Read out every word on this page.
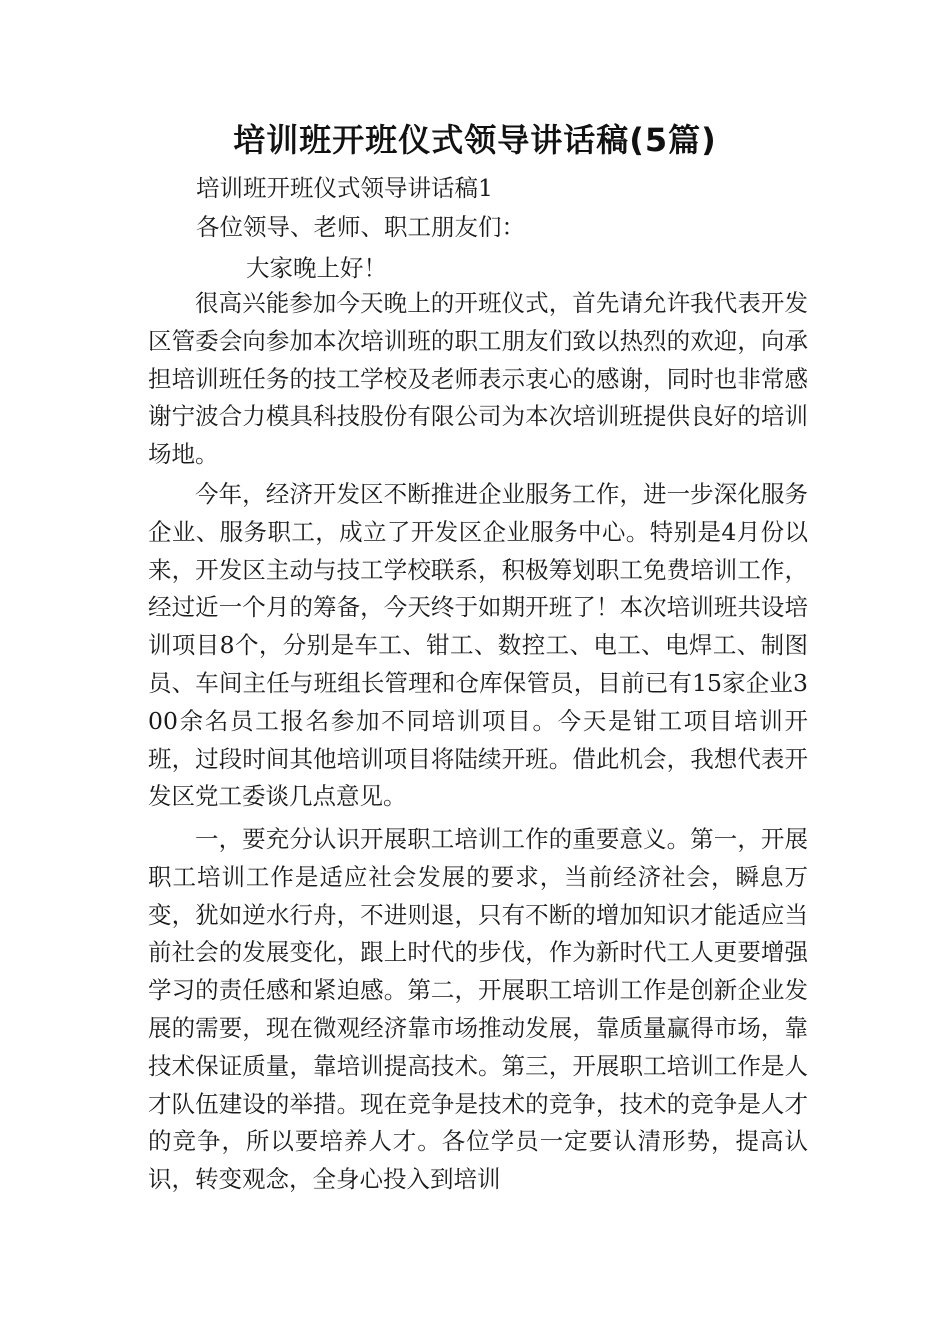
培训班开班仪式领导讲话稿(5篇)
培训班开班仪式领导讲话稿1
各位领导、老师、职工朋友们：
大家晚上好！
很高兴能参加今天晚上的开班仪式，首先请允许我代表开发区管委会向参加本次培训班的职工朋友们致以热烈的欢迎，向承担培训班任务的技工学校及老师表示衷心的感谢，同时也非常感谢宁波合力模具科技股份有限公司为本次培训班提供良好的培训场地。
今年，经济开发区不断推进企业服务工作，进一步深化服务企业、服务职工，成立了开发区企业服务中心。特别是4月份以来，开发区主动与技工学校联系，积极筹划职工免费培训工作，经过近一个月的筹备，今天终于如期开班了！本次培训班共设培训项目8个，分别是车工、钳工、数控工、电工、电焊工、制图员、车间主任与班组长管理和仓库保管员，目前已有15家企业300余名员工报名参加不同培训项目。今天是钳工项目培训开班，过段时间其他培训项目将陆续开班。借此机会，我想代表开发区党工委谈几点意见。
一，要充分认识开展职工培训工作的重要意义。第一，开展职工培训工作是适应社会发展的要求，当前经济社会，瞬息万变，犹如逆水行舟，不进则退，只有不断的增加知识才能适应当前社会的发展变化，跟上时代的步伐，作为新时代工人更要增强学习的责任感和紧迫感。第二，开展职工培训工作是创新企业发展的需要，现在微观经济靠市场推动发展，靠质量赢得市场，靠技术保证质量，靠培训提高技术。第三，开展职工培训工作是人才队伍建设的举措。现在竞争是技术的竞争，技术的竞争是人才的竞争，所以要培养人才。各位学员一定要认清形势，提高认识，转变观念，全身心投入到培训
